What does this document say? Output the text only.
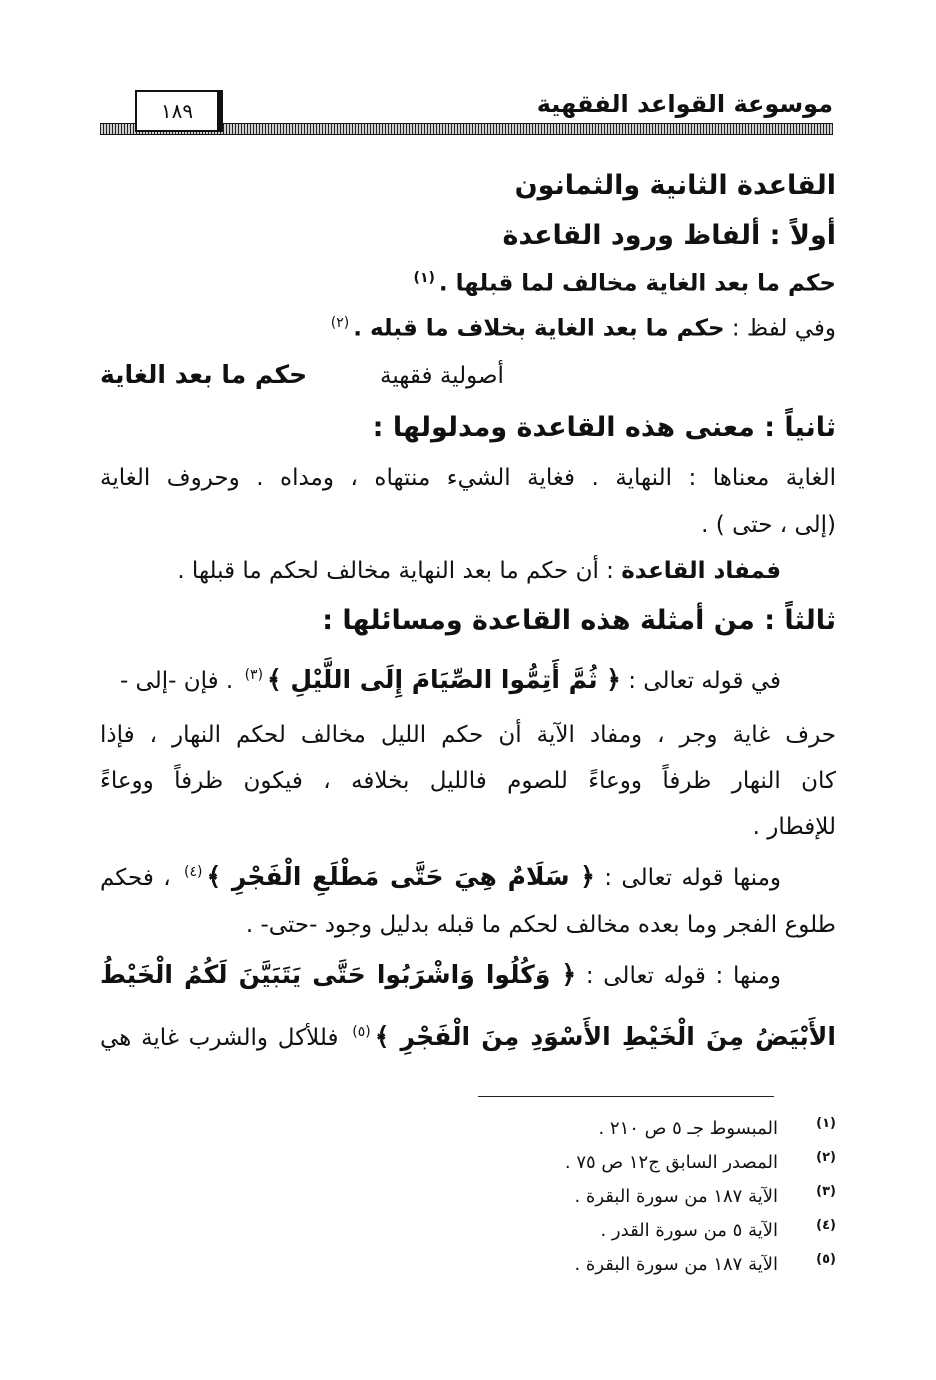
١٨٩	موسوعة القواعد الفقهية
القاعدة الثانية والثمانون
أولاً : ألفاظ ورود القاعدة
حكم ما بعد الغاية مخالف لما قبلها .$^{(١)}$
وفي لفظ : حكم ما بعد الغاية بخلاف ما قبله .$^{(٢)}$
أصولية فقهية
حكم ما بعد الغاية
ثانياً : معنى هذه القاعدة ومدلولها :
الغاية معناها : النهاية . فغاية الشيء منتهاه ، ومداه . وحروف الغاية
(إلى ، حتى ) .
فمفاد القاعدة : أن حكم ما بعد النهاية مخالف لحكم ما قبلها .
ثالثاً : من أمثلة هذه القاعدة ومسائلها :
في قوله تعالى : ﴿ ثُمَّ أَتِمُّوا الصِّيَامَ إِلَى اللَّيْلِ ﴾$^{(٣)}$ . فإن -إلى -
حرف غاية وجر ، ومفاد الآية أن حكم الليل مخالف لحكم النهار ، فإذا
كان النهار ظرفاً ووعاءً للصوم فالليل بخلافه ، فيكون ظرفاً ووعاءً
للإفطار .
ومنها قوله تعالى : ﴿ سَلَامٌ هِيَ حَتَّى مَطْلَعِ الْفَجْرِ ﴾$^{(٤)}$ ، فحكم
طلوع الفجر وما بعده مخالف لحكم ما قبله بدليل وجود -حتى- .
ومنها : قوله تعالى : ﴿ وَكُلُوا وَاشْرَبُوا حَتَّى يَتَبَيَّنَ لَكُمُ الْخَيْطُ
الأَبْيَضُ مِنَ الْخَيْطِ الأَسْوَدِ مِنَ الْفَجْرِ ﴾$^{(٥)}$ فللأكل والشرب غاية هي
(١)
المبسوط جـ ٥ ص ٢١٠ .
(٢)
المصدر السابق ج١٢ ص ٧٥ .
(٣)
الآية ١٨٧ من سورة البقرة .
(٤)
الآية ٥ من سورة القدر .
(٥)
الآية ١٨٧ من سورة البقرة .
